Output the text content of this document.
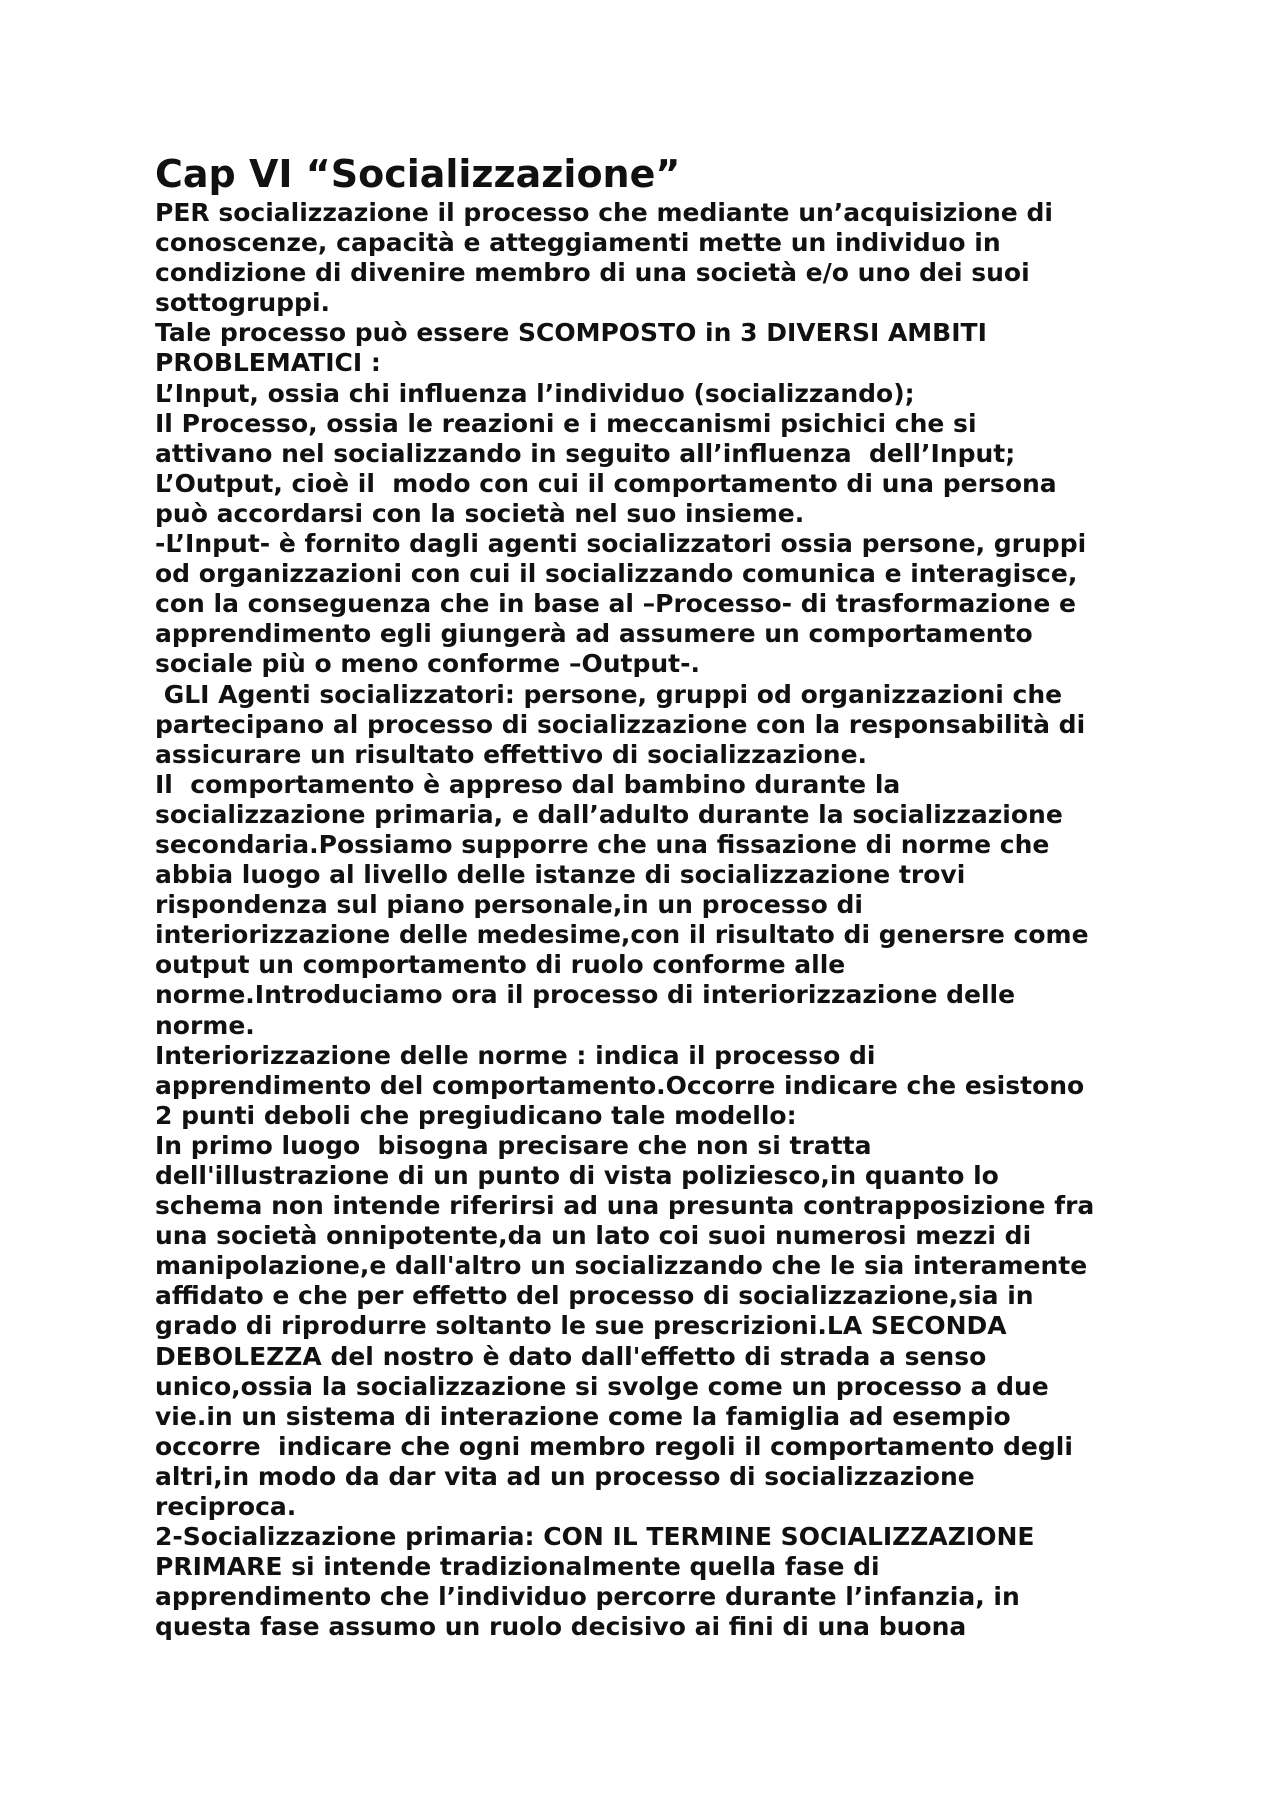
Cap VI “Socializzazione”
PER socializzazione il processo che mediante un’acquisizione di
conoscenze, capacità e atteggiamenti mette un individuo in
condizione di divenire membro di una società e/o uno dei suoi
sottogruppi.
Tale processo può essere SCOMPOSTO in 3 DIVERSI AMBITI
PROBLEMATICI :
L’Input, ossia chi influenza l’individuo (socializzando);
Il Processo, ossia le reazioni e i meccanismi psichici che si
attivano nel socializzando in seguito all’influenza  dell’Input;
L’Output, cioè il  modo con cui il comportamento di una persona
può accordarsi con la società nel suo insieme.
-L’Input- è fornito dagli agenti socializzatori ossia persone, gruppi
od organizzazioni con cui il socializzando comunica e interagisce,
con la conseguenza che in base al –Processo- di trasformazione e
apprendimento egli giungerà ad assumere un comportamento
sociale più o meno conforme –Output-.
GLI Agenti socializzatori: persone, gruppi od organizzazioni che
partecipano al processo di socializzazione con la responsabilità di
assicurare un risultato effettivo di socializzazione.
Il  comportamento è appreso dal bambino durante la
socializzazione primaria, e dall’adulto durante la socializzazione
secondaria.Possiamo supporre che una fissazione di norme che
abbia luogo al livello delle istanze di socializzazione trovi
rispondenza sul piano personale,in un processo di
interiorizzazione delle medesime,con il risultato di genersre come
output un comportamento di ruolo conforme alle
norme.Introduciamo ora il processo di interiorizzazione delle
norme.
Interiorizzazione delle norme : indica il processo di
apprendimento del comportamento.Occorre indicare che esistono
2 punti deboli che pregiudicano tale modello:
In primo luogo  bisogna precisare che non si tratta
dell'illustrazione di un punto di vista poliziesco,in quanto lo
schema non intende riferirsi ad una presunta contrapposizione fra
una società onnipotente,da un lato coi suoi numerosi mezzi di
manipolazione,e dall'altro un socializzando che le sia interamente
affidato e che per effetto del processo di socializzazione,sia in
grado di riprodurre soltanto le sue prescrizioni.LA SECONDA
DEBOLEZZA del nostro è dato dall'effetto di strada a senso
unico,ossia la socializzazione si svolge come un processo a due
vie.in un sistema di interazione come la famiglia ad esempio
occorre  indicare che ogni membro regoli il comportamento degli
altri,in modo da dar vita ad un processo di socializzazione
reciproca.
2-Socializzazione primaria: CON IL TERMINE SOCIALIZZAZIONE
PRIMARE si intende tradizionalmente quella fase di
apprendimento che l’individuo percorre durante l’infanzia, in
questa fase assumo un ruolo decisivo ai fini di una buona
